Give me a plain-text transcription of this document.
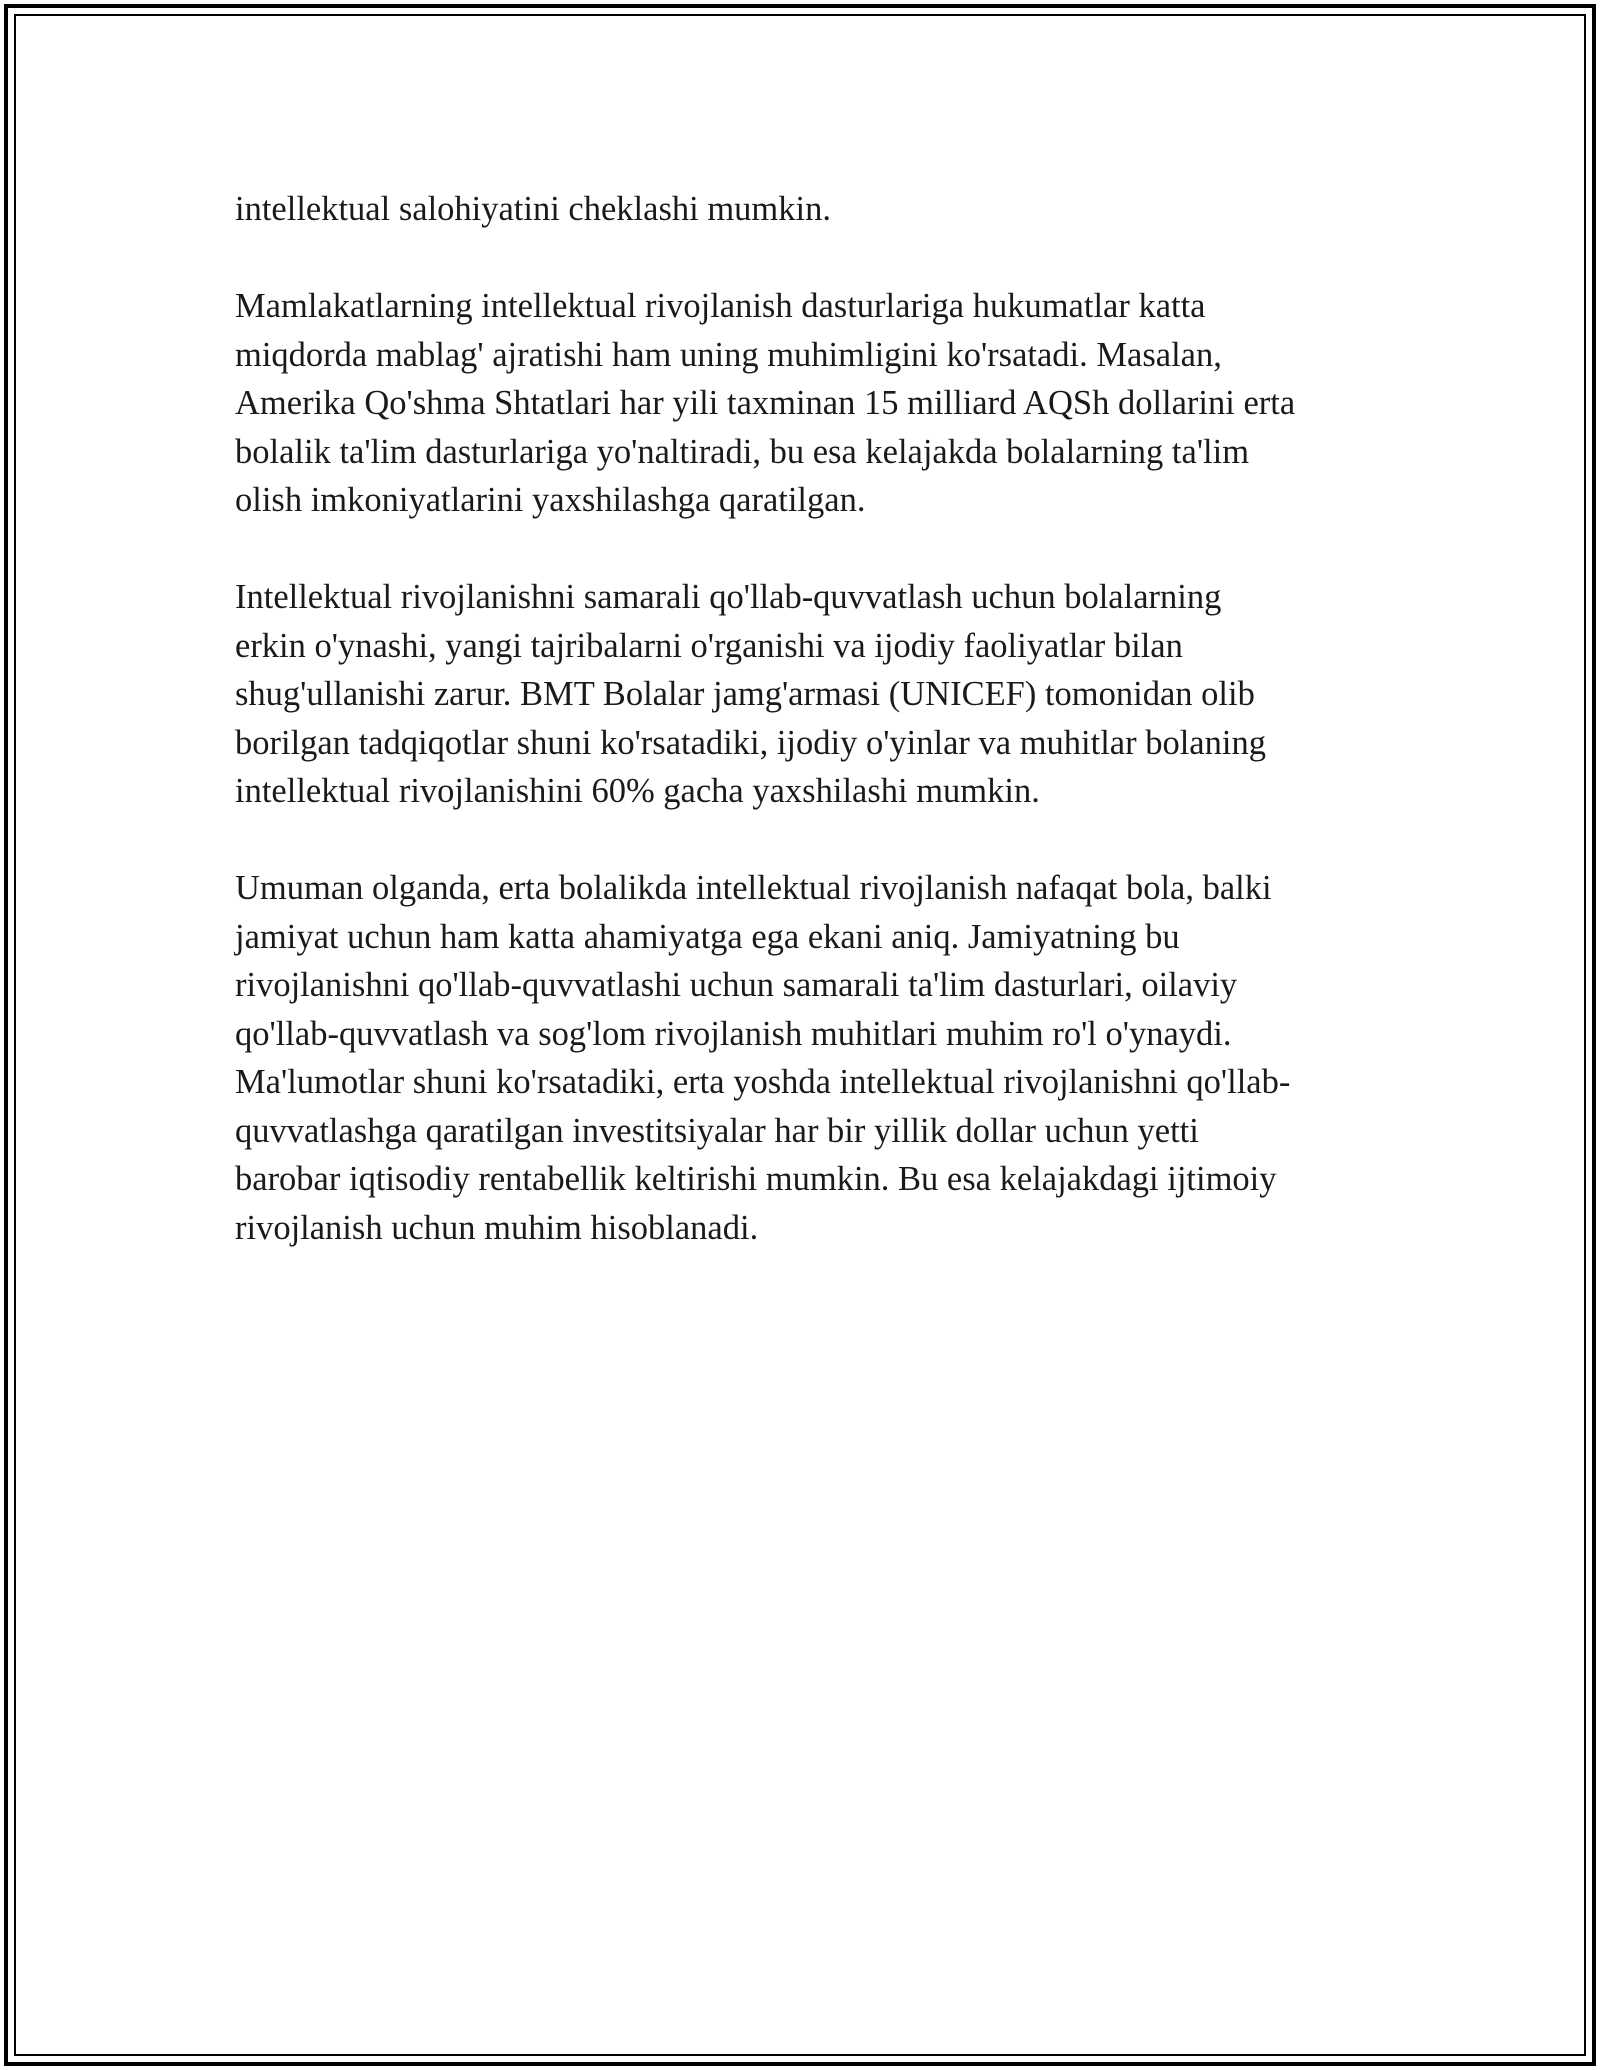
intellektual salohiyatini cheklashi mumkin.

Mamlakatlarning intellektual rivojlanish dasturlariga hukumatlar katta
miqdorda mablag' ajratishi ham uning muhimligini ko'rsatadi. Masalan,
Amerika Qo'shma Shtatlari har yili taxminan 15 milliard AQSh dollarini erta
bolalik ta'lim dasturlariga yo'naltiradi, bu esa kelajakda bolalarning ta'lim
olish imkoniyatlarini yaxshilashga qaratilgan.

Intellektual rivojlanishni samarali qo'llab-quvvatlash uchun bolalarning
erkin o'ynashi, yangi tajribalarni o'rganishi va ijodiy faoliyatlar bilan
shug'ullanishi zarur. BMT Bolalar jamg'armasi (UNICEF) tomonidan olib
borilgan tadqiqotlar shuni ko'rsatadiki, ijodiy o'yinlar va muhitlar bolaning
intellektual rivojlanishini 60% gacha yaxshilashi mumkin.

Umuman olganda, erta bolalikda intellektual rivojlanish nafaqat bola, balki
jamiyat uchun ham katta ahamiyatga ega ekani aniq. Jamiyatning bu
rivojlanishni qo'llab-quvvatlashi uchun samarali ta'lim dasturlari, oilaviy
qo'llab-quvvatlash va sog'lom rivojlanish muhitlari muhim ro'l o'ynaydi.
Ma'lumotlar shuni ko'rsatadiki, erta yoshda intellektual rivojlanishni qo'llab-
quvvatlashga qaratilgan investitsiyalar har bir yillik dollar uchun yetti
barobar iqtisodiy rentabellik keltirishi mumkin. Bu esa kelajakdagi ijtimoiy
rivojlanish uchun muhim hisoblanadi.
